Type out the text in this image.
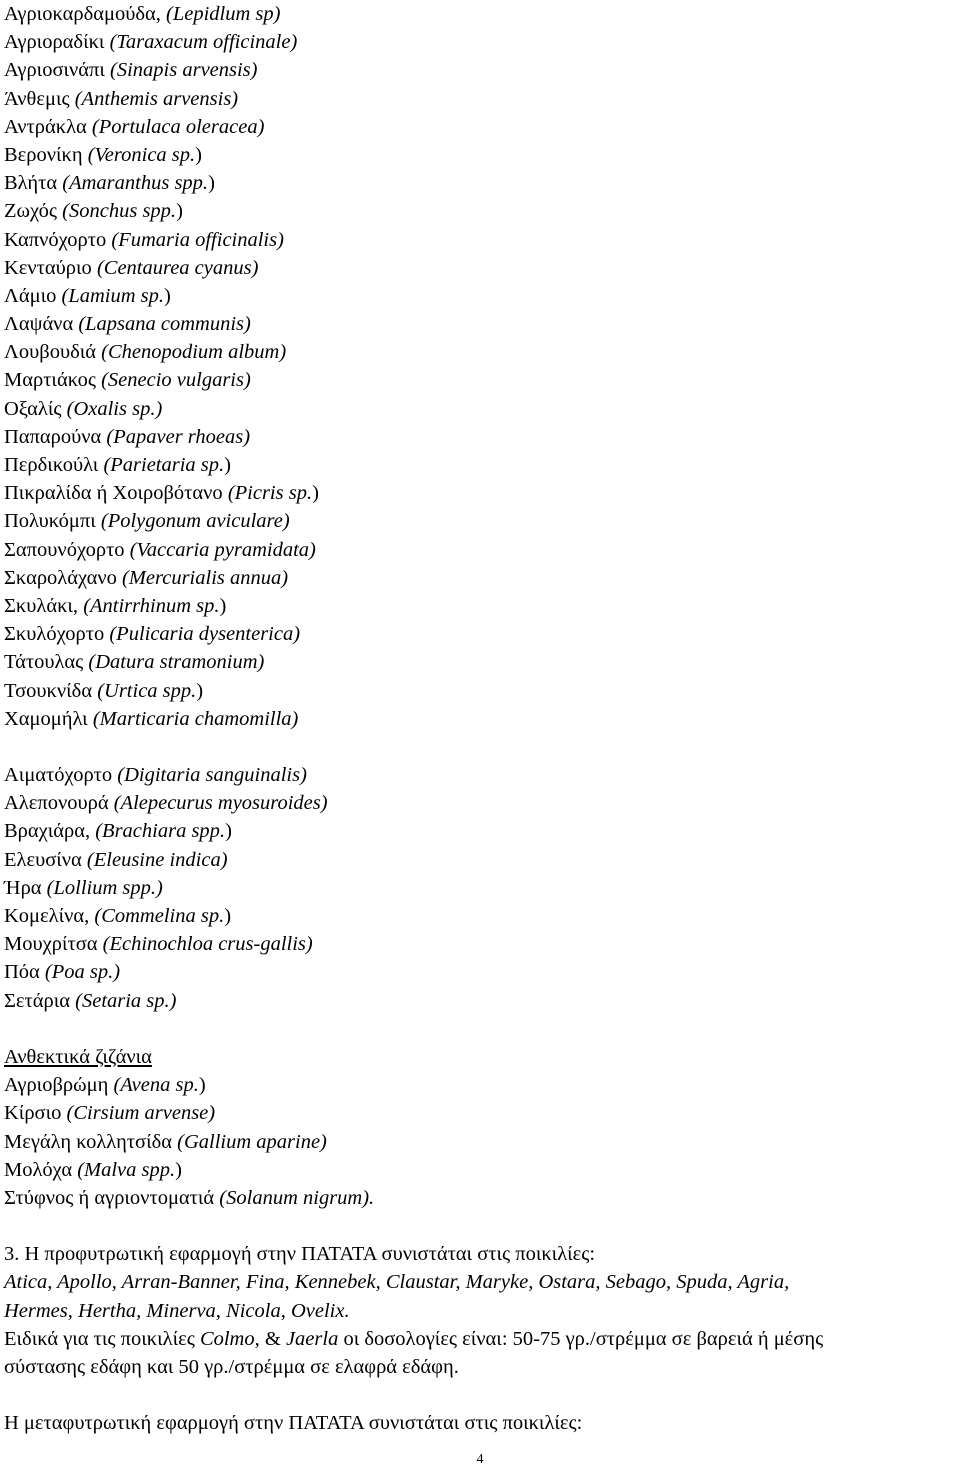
Αγριοκαρδαμούδα, (Lepidlum sp)
Αγριοραδίκι (Taraxacum officinale)
Αγριοσινάπι (Sinapis arvensis)
Άνθεμις (Anthemis arvensis)
Αντράκλα (Portulaca oleracea)
Βερονίκη (Veronica sp.)
Βλήτα (Amaranthus spp.)
Ζωχός (Sonchus spp.)
Καπνόχορτο (Fumaria officinalis)
Κενταύριο (Centaurea cyanus)
Λάμιο (Lamium sp.)
Λαψάνα (Lapsana communis)
Λουβουδιά (Chenopodium album)
Μαρτιάκος (Senecio vulgaris)
Οξαλίς (Oxalis sp.)
Παπαρούνα (Papaver rhoeas)
Περδικούλι (Parietaria sp.)
Πικραλίδα ή Χοιροβότανο (Picris sp.)
Πολυκόμπι (Polygonum aviculare)
Σαπουνόχορτο (Vaccaria pyramidata)
Σκαρολάχανο (Mercurialis annua)
Σκυλάκι, (Antirrhinum sp.)
Σκυλόχορτο (Pulicaria dysenterica)
Τάτουλας (Datura stramonium)
Τσουκνίδα (Urtica spp.)
Χαμομήλι (Marticaria chamomilla)
Αιματόχορτο (Digitaria sanguinalis)
Αλεπονουρά (Alepecurus myosuroides)
Βραχιάρα, (Brachiara spp.)
Ελευσίνα (Eleusine indica)
Ήρα (Lollium spp.)
Κομελίνα, (Commelina sp.)
Μουχρίτσα (Echinochloa crus-gallis)
Πόα (Poa sp.)
Σετάρια (Setaria sp.)
Ανθεκτικά ζιζάνια
Αγριοβρώμη (Avena sp.)
Κίρσιο (Cirsium arvense)
Μεγάλη κολλητσίδα (Gallium aparine)
Μολόχα (Malva spp.)
Στύφνος ή αγριοντοματιά (Solanum nigrum).
3. Η προφυτρωτική εφαρμογή στην ΠΑΤΑΤΑ συνιστάται στις ποικιλίες:
Atica, Apollo, Arran-Banner, Fina, Kennebek, Claustar, Maryke, Ostara, Sebago, Spuda, Agria,
Hermes, Hertha, Minerva, Nicola, Ovelix.
Ειδικά για τις ποικιλίες Colmo, & Jaerla οι δοσολογίες είναι: 50-75 γρ./στρέμμα σε βαρειά ή μέσης
σύστασης εδάφη και 50 γρ./στρέμμα σε ελαφρά εδάφη.
Η μεταφυτρωτική εφαρμογή στην ΠΑΤΑΤΑ συνιστάται στις ποικιλίες:
4
